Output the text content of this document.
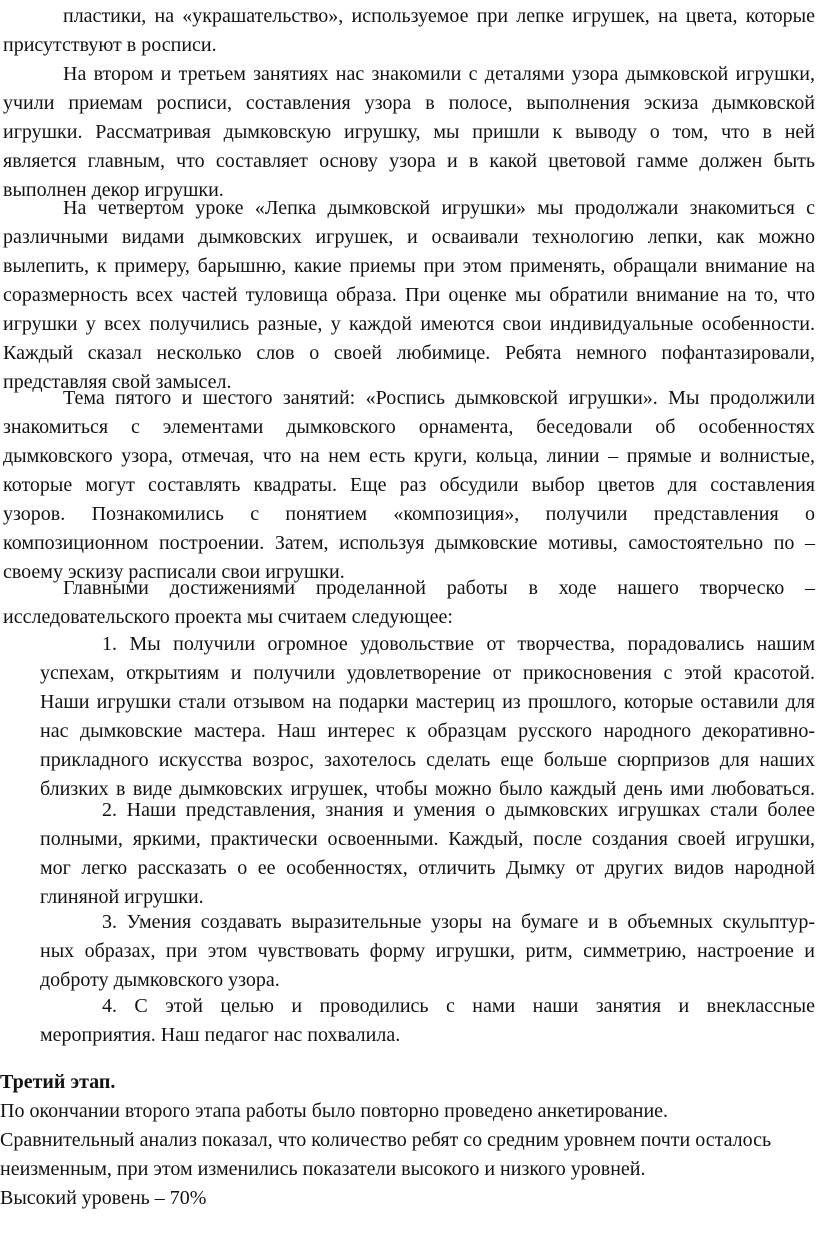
пластики, на «украшательство», используемое при лепке игрушек, на цвета, которые
присутствуют в росписи.
На втором и третьем занятиях нас знакомили с деталями узора дымковской игрушки,
учили приемам росписи, составления узора в полосе, выполнения эскиза дымковской
игрушки. Рассматривая дымковскую игрушку, мы пришли к выводу о том, что в ней
является главным, что составляет основу узора и в какой цветовой гамме должен быть
выполнен декор игрушки.
На четвертом уроке «Лепка дымковской игрушки» мы продолжали знакомиться с
различными видами дымковских игрушек, и осваивали технологию лепки, как можно
вылепить, к примеру, барышню, какие приемы при этом применять, обращали внимание на
соразмерность всех частей туловища образа. При оценке мы обратили внимание на то, что
игрушки у всех получились разные, у каждой имеются свои индивидуальные особенности.
Каждый сказал несколько слов о своей любимице. Ребята немного пофантазировали,
представляя свой замысел.
Тема пятого и шестого занятий: «Роспись дымковской игрушки». Мы продолжили
знакомиться с элементами дымковского орнамента, беседовали об особенностях
дымковского узора, отмечая, что на нем есть круги, кольца, линии – прямые и волнистые,
которые могут составлять квадраты. Еще раз обсудили выбор цветов для составления
узоров. Познакомились с понятием «композиция», получили представления о
композиционном построении. Затем, используя дымковские мотивы, самостоятельно по –
своему эскизу расписали свои игрушки.
Главными достижениями проделанной работы в ходе нашего творческо –
исследовательского проекта мы считаем следующее:
1. Мы получили огромное удовольствие от творчества, порадовались нашим
успехам, открытиям и получили удовлетворение от прикосновения с этой красотой.
Наши игрушки стали отзывом на подарки мастериц из прошлого, которые оставили для
нас дымковские мастера. Наш интерес к образцам русского народного декоративно-
прикладного искусства возрос, захотелось сделать еще больше сюрпризов для наших
близких в виде дымковских игрушек, чтобы можно было каждый день ими любоваться.
2. Наши представления, знания и умения о дымковских игрушках стали более
полными, яркими, практически освоенными. Каждый, после создания своей игрушки,
мог легко рассказать о ее особенностях, отличить Дымку от других видов народной
глиняной игрушки.
3. Умения создавать выразительные узоры на бумаге и в объемных скульптур-
ных образах, при этом чувствовать форму игрушки, ритм, симметрию, настроение и
доброту дымковского узора.
4. С этой целью и проводились с нами наши занятия и внеклассные
мероприятия. Наш педагог нас похвалила.
Третий этап.
По окончании второго этапа работы было повторно проведено анкетирование.
Сравнительный анализ показал, что количество ребят со средним уровнем почти осталось
неизменным, при этом изменились показатели высокого и низкого уровней.
Высокий уровень – 70%
